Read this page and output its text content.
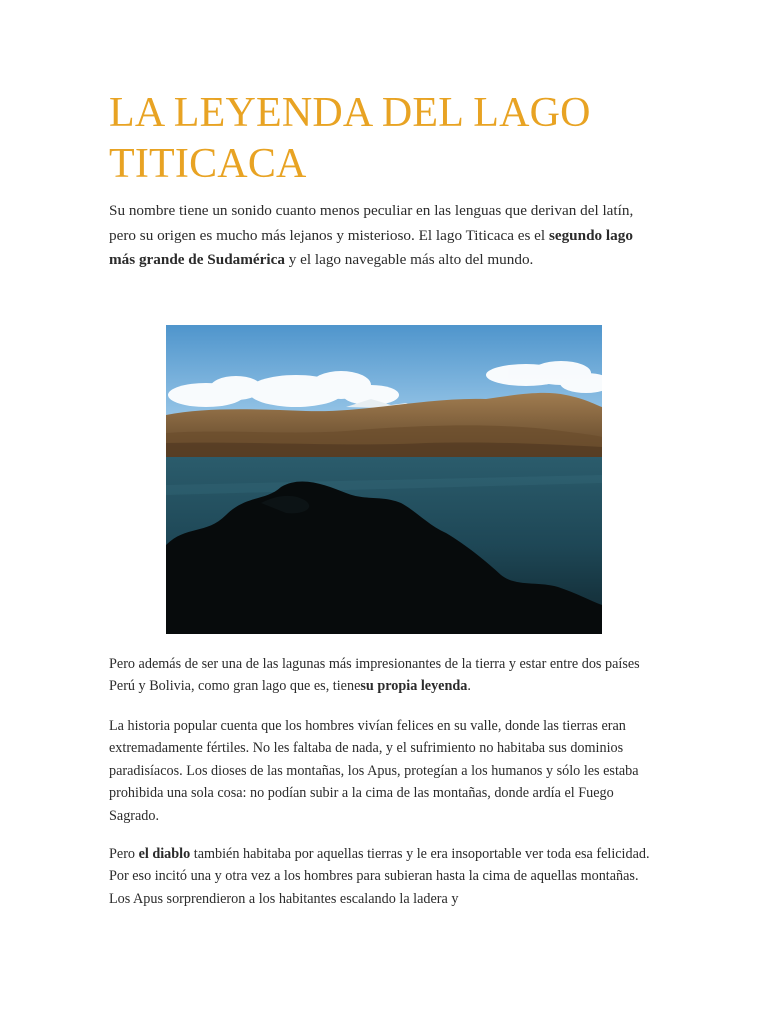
LA LEYENDA DEL LAGO TITICACA

Su nombre tiene un sonido cuanto menos peculiar en las lenguas que derivan del latín, pero su origen es mucho más lejanos y misterioso. El lago Titicaca es el segundo lago más grande de Sudamérica y el lago navegable más alto del mundo.

Pero además de ser una de las lagunas más impresionantes de la tierra y estar entre dos países Perú y Bolivia, como gran lago que es, tienesu propia leyenda.

La historia popular cuenta que los hombres vivían felices en su valle, donde las tierras eran extremadamente fértiles. No les faltaba de nada, y el sufrimiento no habitaba sus dominios paradisíacos. Los dioses de las montañas, los Apus, protegían a los humanos y sólo les estaba prohibida una sola cosa: no podían subir a la cima de las montañas, donde ardía el Fuego Sagrado.

Pero el diablo también habitaba por aquellas tierras y le era insoportable ver toda esa felicidad. Por eso incitó una y otra vez a los hombres para subieran hasta la cima de aquellas montañas. Los Apus sorprendieron a los habitantes escalando la ladera y
